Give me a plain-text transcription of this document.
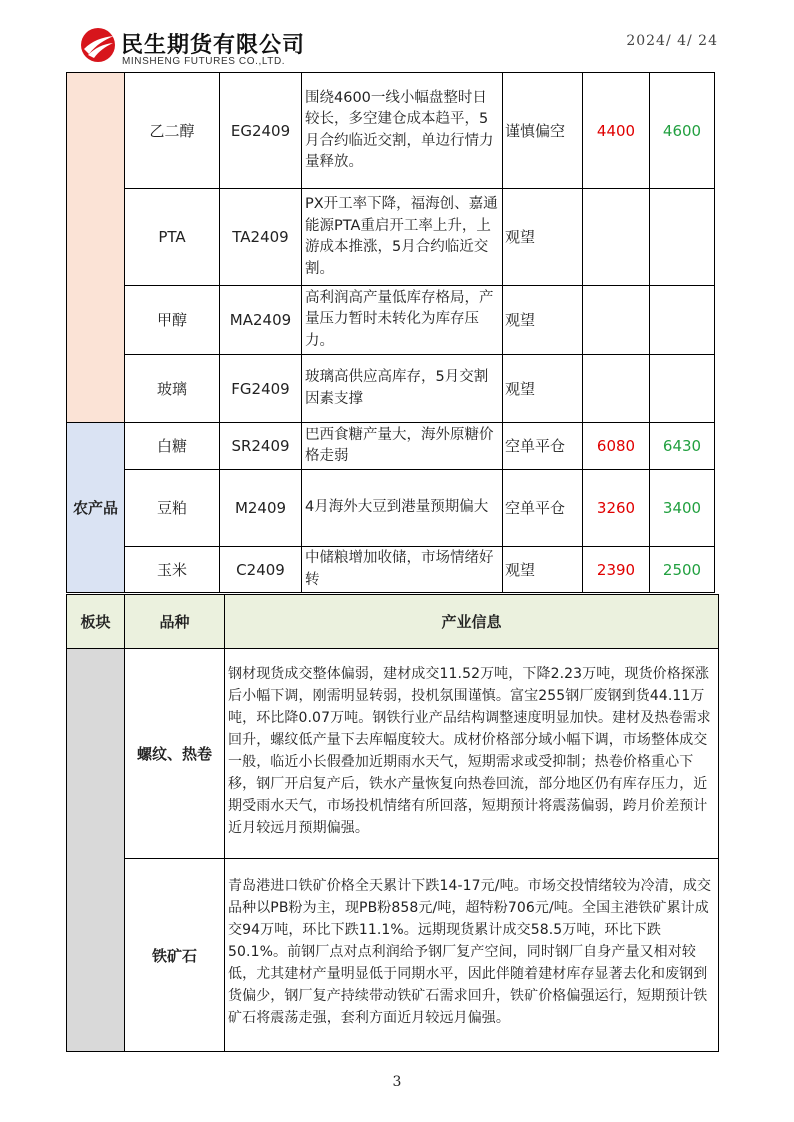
民生期货有限公司
MINSHENG FUTURES CO.,LTD.
2024/ 4/ 24
	乙二醇	EG2409	围绕4600一线小幅盘整时日较长，多空建仓成本趋平，5月合约临近交割，单边行情力量释放。	谨慎偏空	4400	4600
	PTA	TA2409	PX开工率下降，福海创、嘉通能源PTA重启开工率上升，上游成本推涨，5月合约临近交割。	观望		
	甲醇	MA2409	高利润高产量低库存格局，产量压力暂时未转化为库存压力。	观望		
	玻璃	FG2409	玻璃高供应高库存，5月交割因素支撑	观望		
农产品	白糖	SR2409	巴西食糖产量大，海外原糖价格走弱	空单平仓	6080	6430
	豆粕	M2409	4月海外大豆到港量预期偏大	空单平仓	3260	3400
	玉米	C2409	中储粮增加收储，市场情绪好转	观望	2390	2500
板块	品种	产业信息
	螺纹、热卷	钢材现货成交整体偏弱，建材成交11.52万吨，下降2.23万吨，现货价格探涨后小幅下调，刚需明显转弱，投机氛围谨慎。富宝255钢厂废钢到货44.11万吨，环比降0.07万吨。钢铁行业产品结构调整速度明显加快。建材及热卷需求回升，螺纹低产量下去库幅度较大。成材价格部分域小幅下调，市场整体成交一般，临近小长假叠加近期雨水天气，短期需求或受抑制；热卷价格重心下移，钢厂开启复产后，铁水产量恢复向热卷回流，部分地区仍有库存压力，近期受雨水天气，市场投机情绪有所回落，短期预计将震荡偏弱，跨月价差预计近月较远月预期偏强。
	铁矿石	青岛港进口铁矿价格全天累计下跌14-17元/吨。市场交投情绪较为冷清，成交品种以PB粉为主，现PB粉858元/吨，超特粉706元/吨。全国主港铁矿累计成交94万吨，环比下跌11.1%。远期现货累计成交58.5万吨，环比下跌50.1%。前钢厂点对点利润给予钢厂复产空间，同时钢厂自身产量又相对较低，尤其建材产量明显低于同期水平，因此伴随着建材库存显著去化和废钢到货偏少，钢厂复产持续带动铁矿石需求回升，铁矿价格偏强运行，短期预计铁矿石将震荡走强，套利方面近月较远月偏强。
3
